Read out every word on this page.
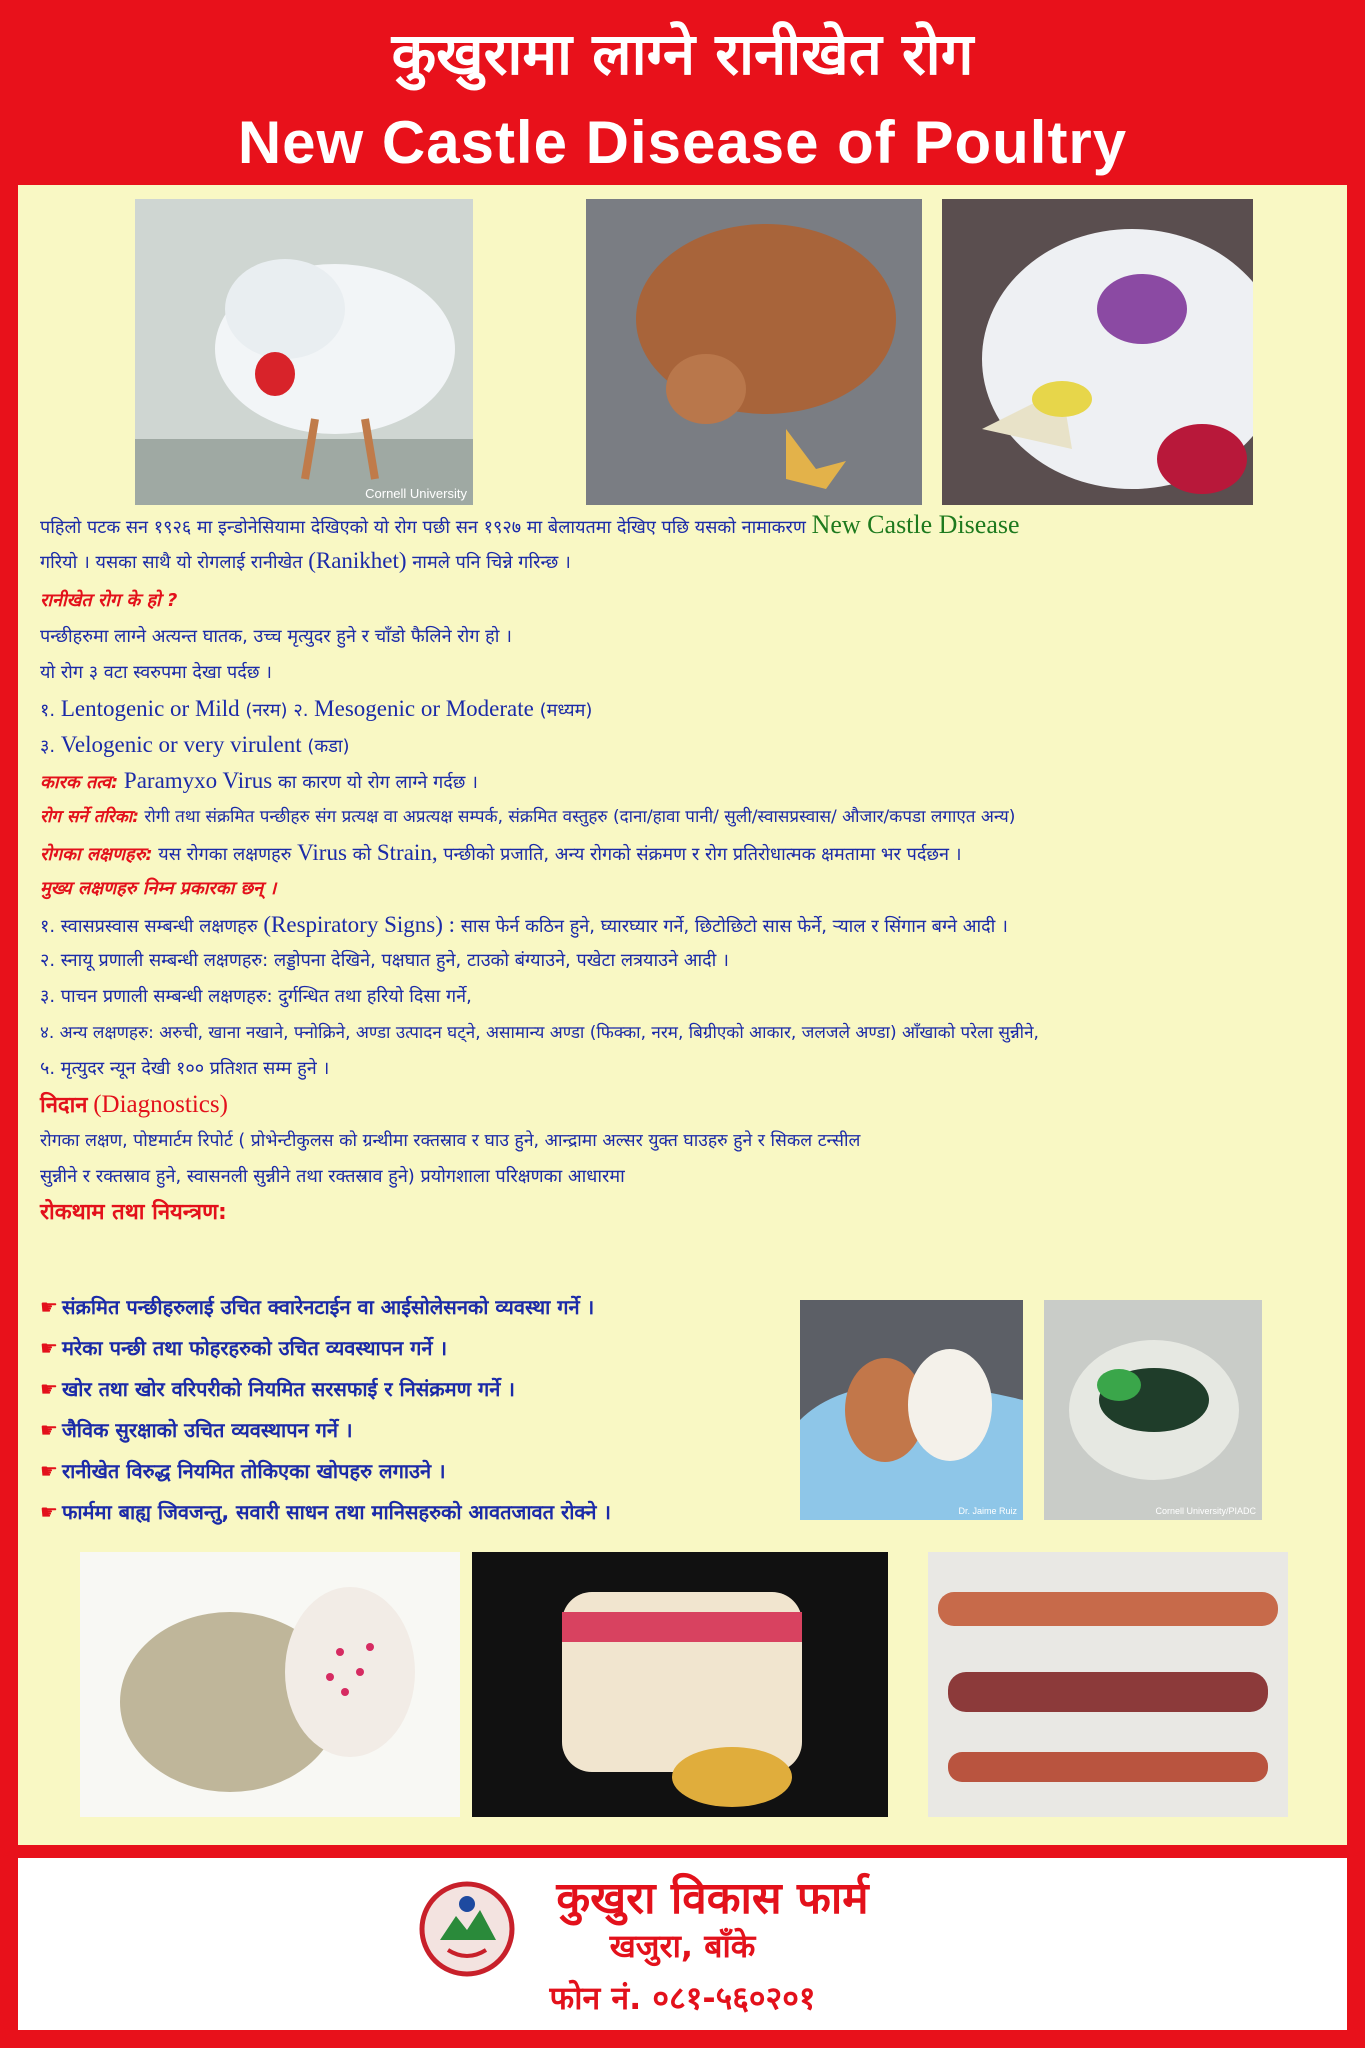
कुखुरामा लाग्ने रानीखेत रोग
New Castle Disease of Poultry
Cornell University
पहिलो पटक सन १९२६ मा इन्डोनेसियामा देखिएको यो रोग पछी सन १९२७ मा बेलायतमा देखिए पछि यसको नामाकरण New Castle Disease
गरियो । यसका साथै यो रोगलाई रानीखेत (Ranikhet) नामले पनि चिन्ने गरिन्छ ।
रानीखेत रोग के हो ?
पन्छीहरुमा लाग्ने अत्यन्त घातक, उच्च मृत्युदर हुने र चाँडो फैलिने रोग हो ।
यो रोग ३ वटा स्वरुपमा देखा पर्दछ ।
१. Lentogenic or Mild (नरम) २. Mesogenic or Moderate (मध्यम)
३. Velogenic or very virulent (कडा)
कारक तत्व: Paramyxo Virus का कारण यो रोग लाग्ने गर्दछ ।
रोग सर्ने तरिका: रोगी तथा संक्रमित पन्छीहरु संग प्रत्यक्ष वा अप्रत्यक्ष सम्पर्क, संक्रमित वस्तुहरु (दाना/हावा पानी/ सुली/स्वासप्रस्वास/ औजार/कपडा लगाएत अन्य)
रोगका लक्षणहरु: यस रोगका लक्षणहरु Virus को Strain, पन्छीको प्रजाति, अन्य रोगको संक्रमण र रोग प्रतिरोधात्मक क्षमतामा भर पर्दछन ।
मुख्य लक्षणहरु निम्न प्रकारका छन् ।
१. स्वासप्रस्वास सम्बन्धी लक्षणहरु (Respiratory Signs) : सास फेर्न कठिन हुने, घ्यारघ्यार गर्ने, छिटोछिटो सास फेर्ने, ऱ्याल र सिंगान बग्ने आदी ।
२. स्नायू प्रणाली सम्बन्धी लक्षणहरु: लड्डोपना देखिने, पक्षघात हुने, टाउको बंग्याउने, पखेटा लत्रयाउने आदी ।
३. पाचन प्रणाली सम्बन्धी लक्षणहरु: दुर्गन्धित तथा हरियो दिसा गर्ने,
४. अन्य लक्षणहरु: अरुची, खाना नखाने, फ्नोक्रिने, अण्डा उत्पादन घट्ने, असामान्य अण्डा (फिक्का, नरम, बिग्रीएको आकार, जलजले अण्डा) आँखाको परेला सुन्नीने,
५. मृत्युदर न्यून देखी १०० प्रतिशत सम्म हुने ।
निदान (Diagnostics)
रोगका लक्षण, पोष्टमार्टम रिपोर्ट ( प्रोभेन्टीकुलस को ग्रन्थीमा रक्तस्राव र घाउ हुने, आन्द्रामा अल्सर युक्त घाउहरु हुने र सिकल टन्सील
सुन्नीने र रक्तस्राव हुने, स्वासनली सुन्नीने तथा रक्तस्राव हुने) प्रयोगशाला परिक्षणका आधारमा
रोकथाम तथा नियन्त्रण:
☛ संक्रमित पन्छीहरुलाई उचित क्वारेनटाईन वा आईसोलेसनको व्यवस्था गर्ने ।
☛ मरेका पन्छी तथा फोहरहरुको उचित व्यवस्थापन गर्ने ।
☛ खोर तथा खोर वरिपरीको नियमित सरसफाई र निसंक्रमण गर्ने ।
☛ जैविक सुरक्षाको उचित व्यवस्थापन गर्ने ।
☛ रानीखेत विरुद्ध नियमित तोकिएका खोपहरु लगाउने ।
☛ फार्ममा बाह्य जिवजन्तु, सवारी साधन तथा मानिसहरुको आवतजावत रोक्ने ।	Dr. Jaime Ruiz	Cornell University/PIADC
कुखुरा विकास फार्म
खजुरा, बाँके
फोन नं. ०८१-५६०२०१
